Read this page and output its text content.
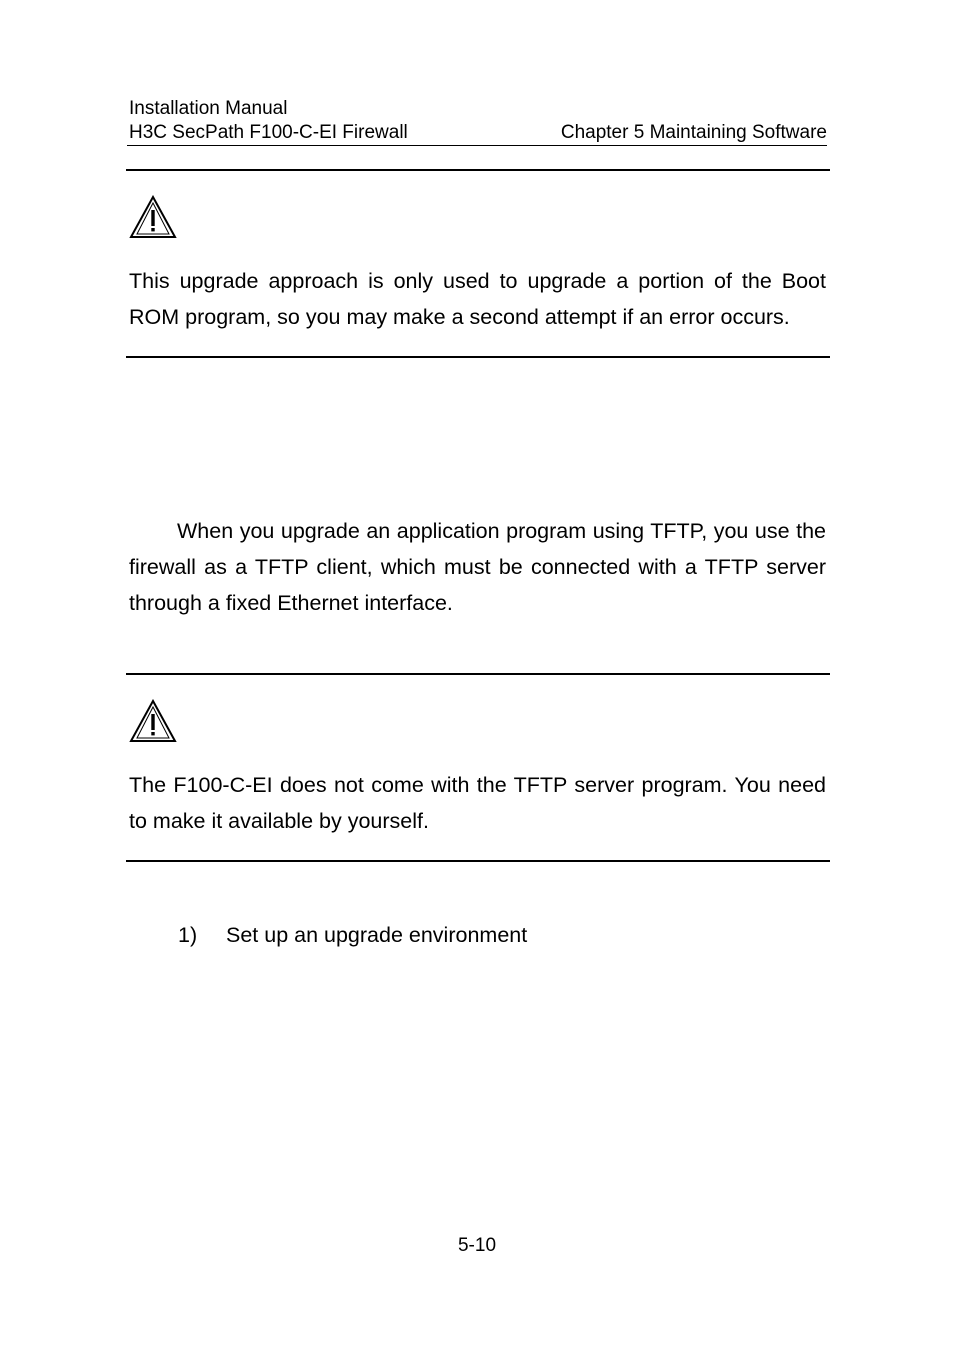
Installation Manual
H3C SecPath F100-C-EI Firewall	Chapter 5 Maintaining Software

This upgrade approach is only used to upgrade a portion of the Boot ROM program, so you may make a second attempt if an error occurs.

When you upgrade an application program using TFTP, you use the firewall as a TFTP client, which must be connected with a TFTP server through a fixed Ethernet interface.

The F100-C-EI does not come with the TFTP server program. You need to make it available by yourself.

1) Set up an upgrade environment
5-10
